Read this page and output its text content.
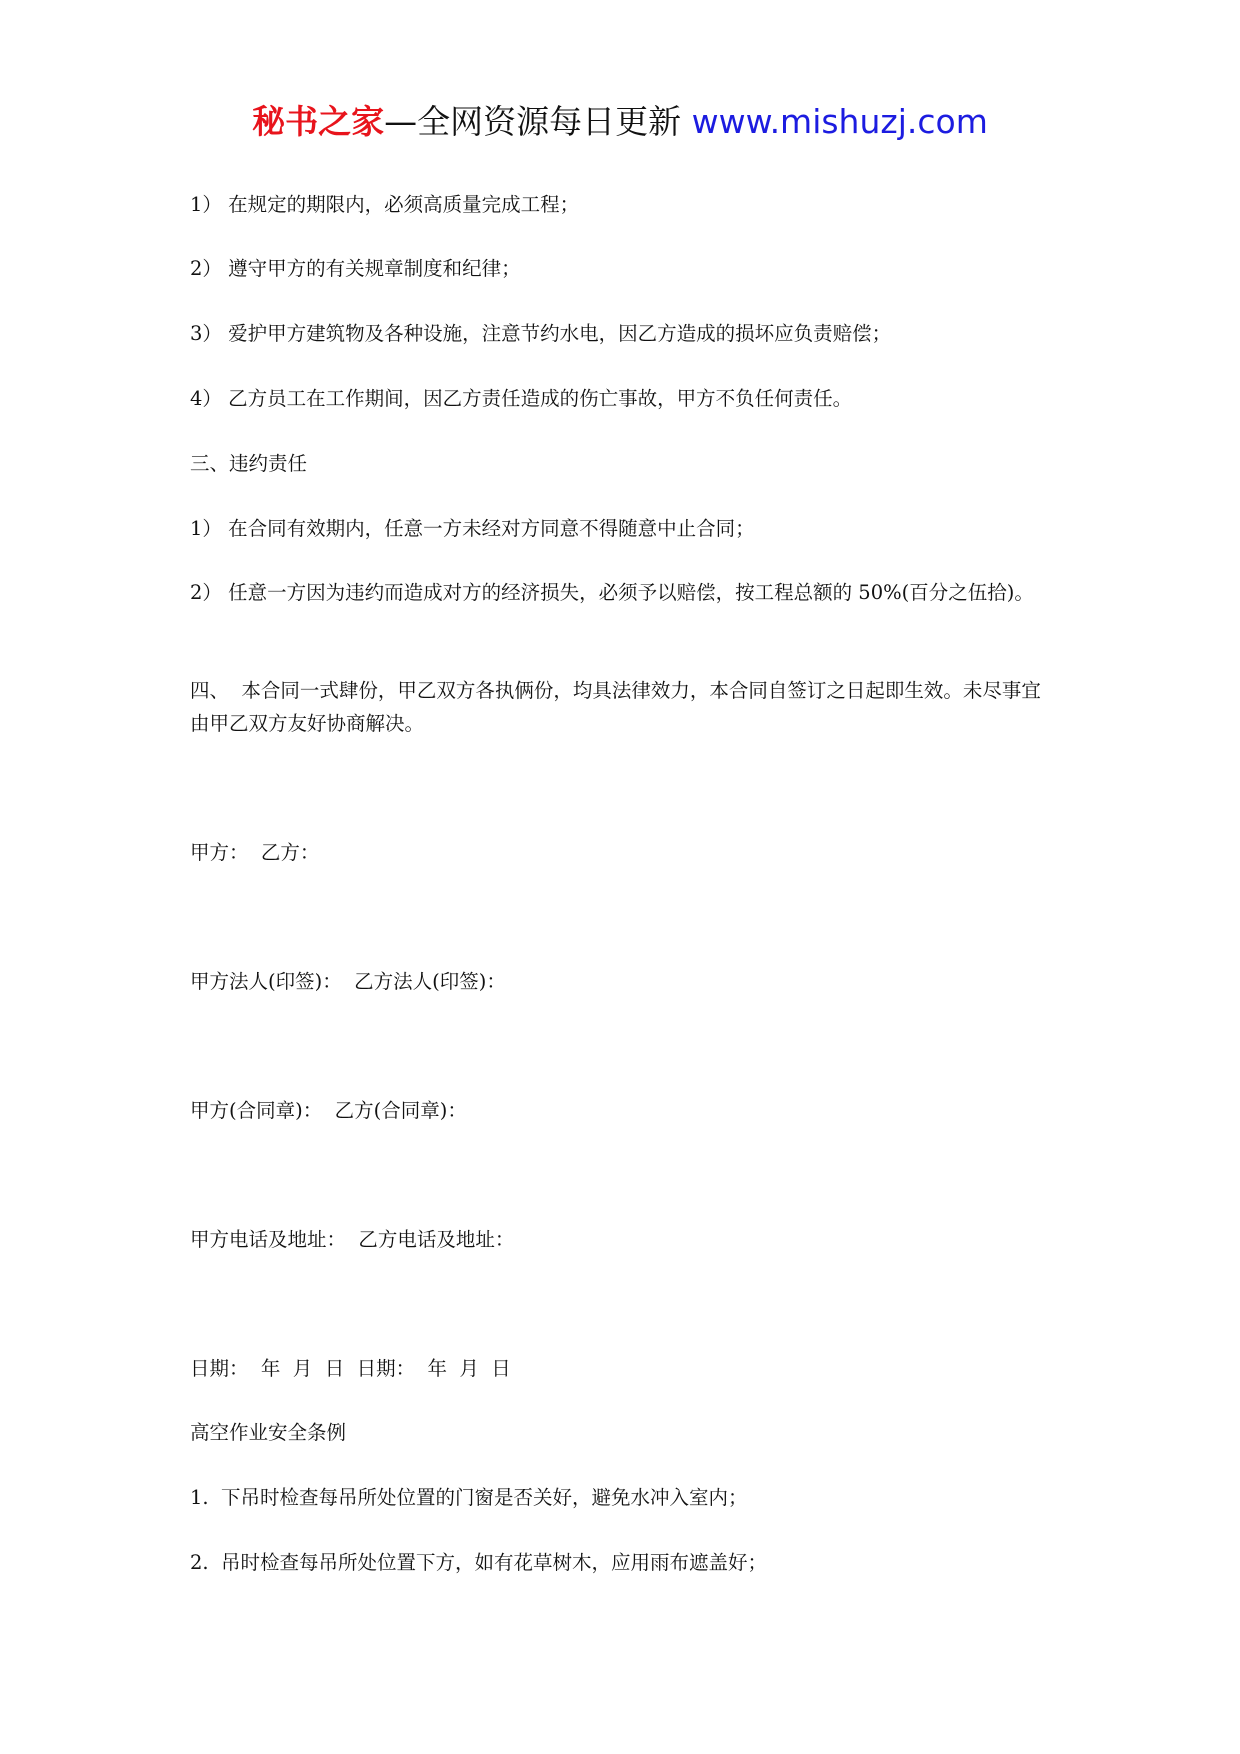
秘书之家—全网资源每日更新 www.mishuzj.com

1） 在规定的期限内，必须高质量完成工程；

2） 遵守甲方的有关规章制度和纪律；

3） 爱护甲方建筑物及各种设施，注意节约水电，因乙方造成的损坏应负责赔偿；

4） 乙方员工在工作期间，因乙方责任造成的伤亡事故，甲方不负任何责任。

三、违约责任

1） 在合同有效期内，任意一方未经对方同意不得随意中止合同；

2） 任意一方因为违约而造成对方的经济损失，必须予以赔偿，按工程总额的 50%(百分之伍拾)。

四、  本合同一式肆份，甲乙双方各执俩份，均具法律效力，本合同自签订之日起即生效。未尽事宜由甲乙双方友好协商解决。

甲方：  乙方：

甲方法人(印签)：  乙方法人(印签)：

甲方(合同章)：  乙方(合同章)：

甲方电话及地址：  乙方电话及地址：

日期：  年  月  日  日期：  年  月  日

高空作业安全条例

1.  下吊时检查每吊所处位置的门窗是否关好，避免水冲入室内；

2.  吊时检查每吊所处位置下方，如有花草树木，应用雨布遮盖好；
